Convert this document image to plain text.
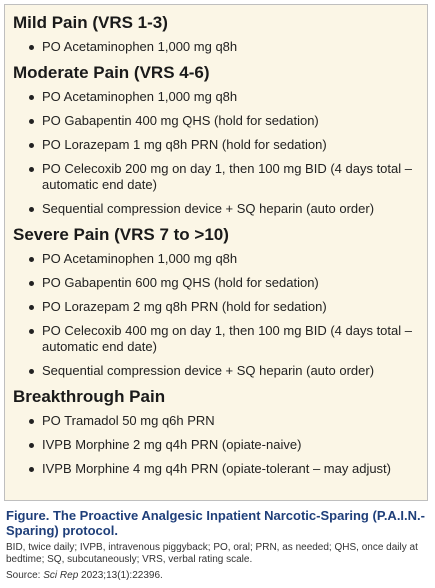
Mild Pain (VRS 1-3)
PO Acetaminophen 1,000 mg q8h
Moderate Pain (VRS 4-6)
PO Acetaminophen 1,000 mg q8h
PO Gabapentin 400 mg QHS (hold for sedation)
PO Lorazepam 1 mg q8h PRN (hold for sedation)
PO Celecoxib 200 mg on day 1, then 100 mg BID (4 days total – automatic end date)
Sequential compression device + SQ heparin (auto order)
Severe Pain (VRS 7 to >10)
PO Acetaminophen 1,000 mg q8h
PO Gabapentin 600 mg QHS (hold for sedation)
PO Lorazepam 2 mg q8h PRN (hold for sedation)
PO Celecoxib 400 mg on day 1, then 100 mg BID (4 days total – automatic end date)
Sequential compression device + SQ heparin (auto order)
Breakthrough Pain
PO Tramadol 50 mg q6h PRN
IVPB Morphine 2 mg q4h PRN (opiate-naive)
IVPB Morphine 4 mg q4h PRN (opiate-tolerant – may adjust)

Figure. The Proactive Analgesic Inpatient Narcotic-Sparing (P.A.I.N.-Sparing) protocol.

BID, twice daily; IVPB, intravenous piggyback; PO, oral; PRN, as needed; QHS, once daily at bedtime; SQ, subcutaneously; VRS, verbal rating scale.

Source: Sci Rep 2023;13(1):22396.
